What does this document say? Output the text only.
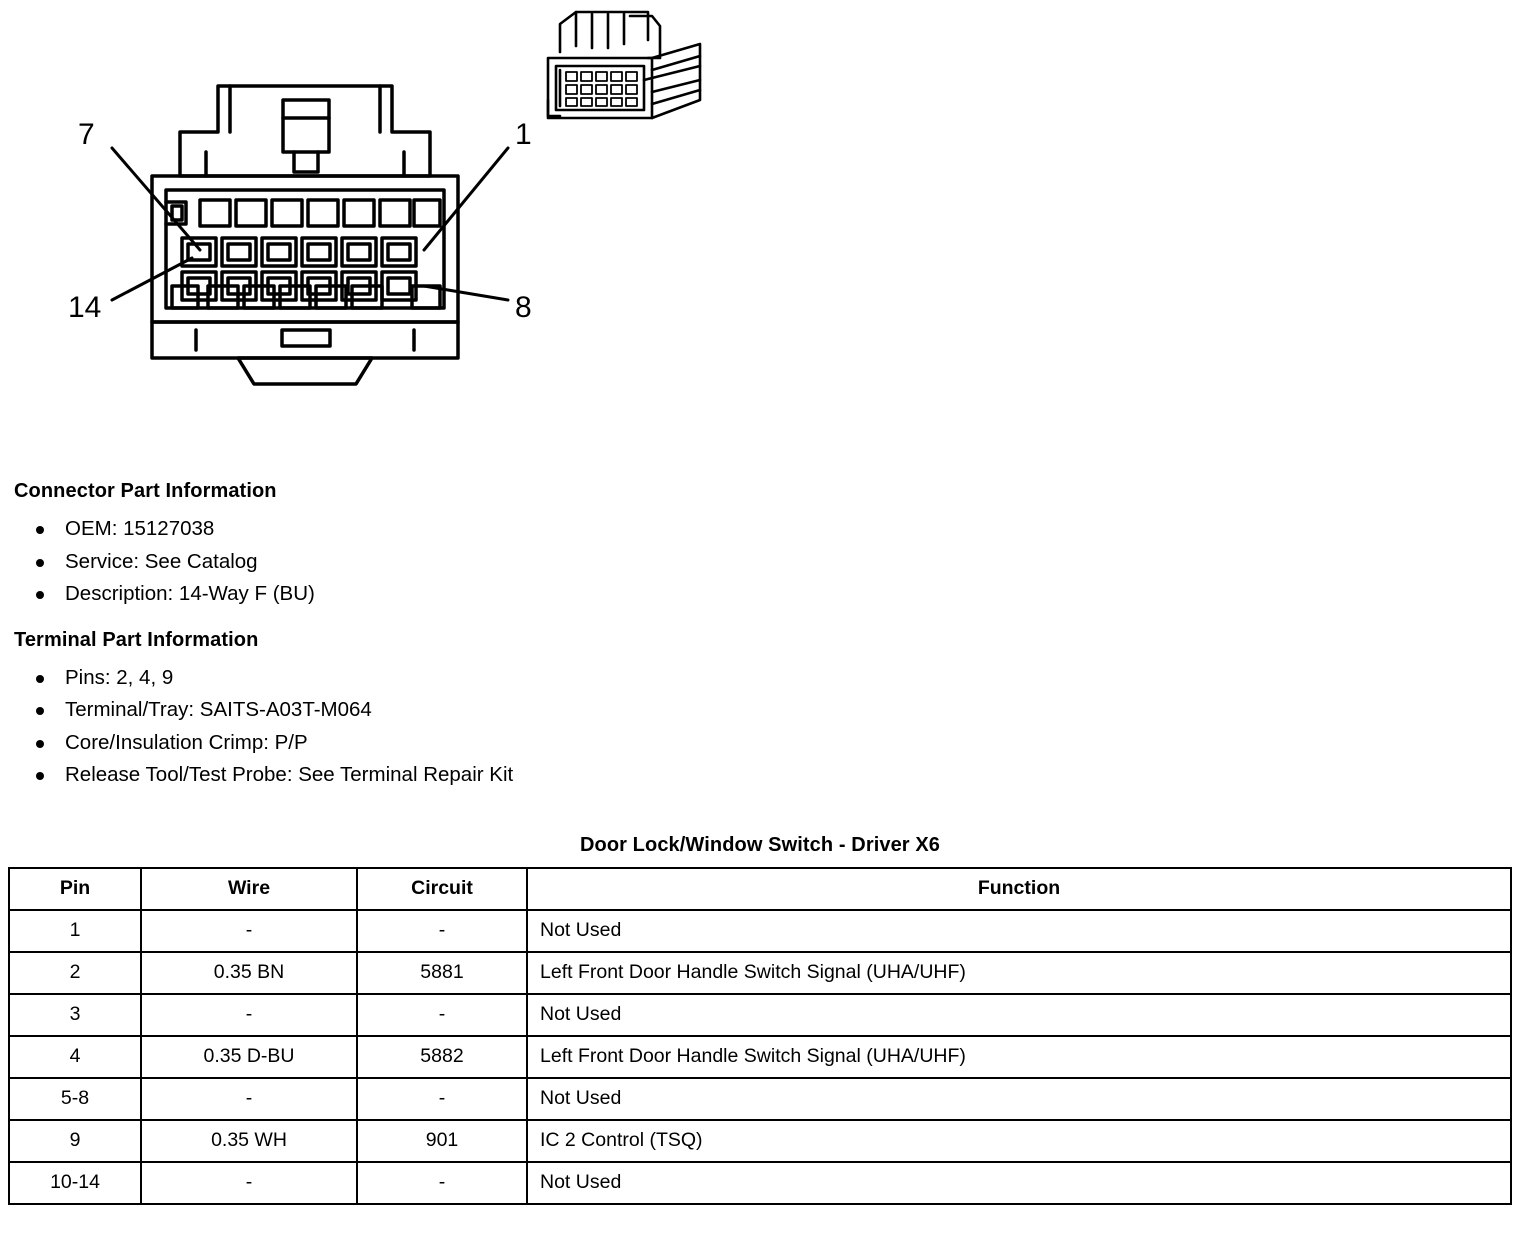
7	1
14	8
Connector Part Information
OEM: 15127038
Service: See Catalog
Description: 14-Way F (BU)
Terminal Part Information
Pins: 2, 4, 9
Terminal/Tray: SAITS-A03T-M064
Core/Insulation Crimp: P/P
Release Tool/Test Probe: See Terminal Repair Kit
Door Lock/Window Switch - Driver X6
Pin	Wire	Circuit	Function
1	-	-	Not Used
2	0.35 BN	5881	Left Front Door Handle Switch Signal (UHA/UHF)
3	-	-	Not Used
4	0.35 D-BU	5882	Left Front Door Handle Switch Signal (UHA/UHF)
5-8	-	-	Not Used
9	0.35 WH	901	IC 2 Control (TSQ)
10-14	-	-	Not Used
